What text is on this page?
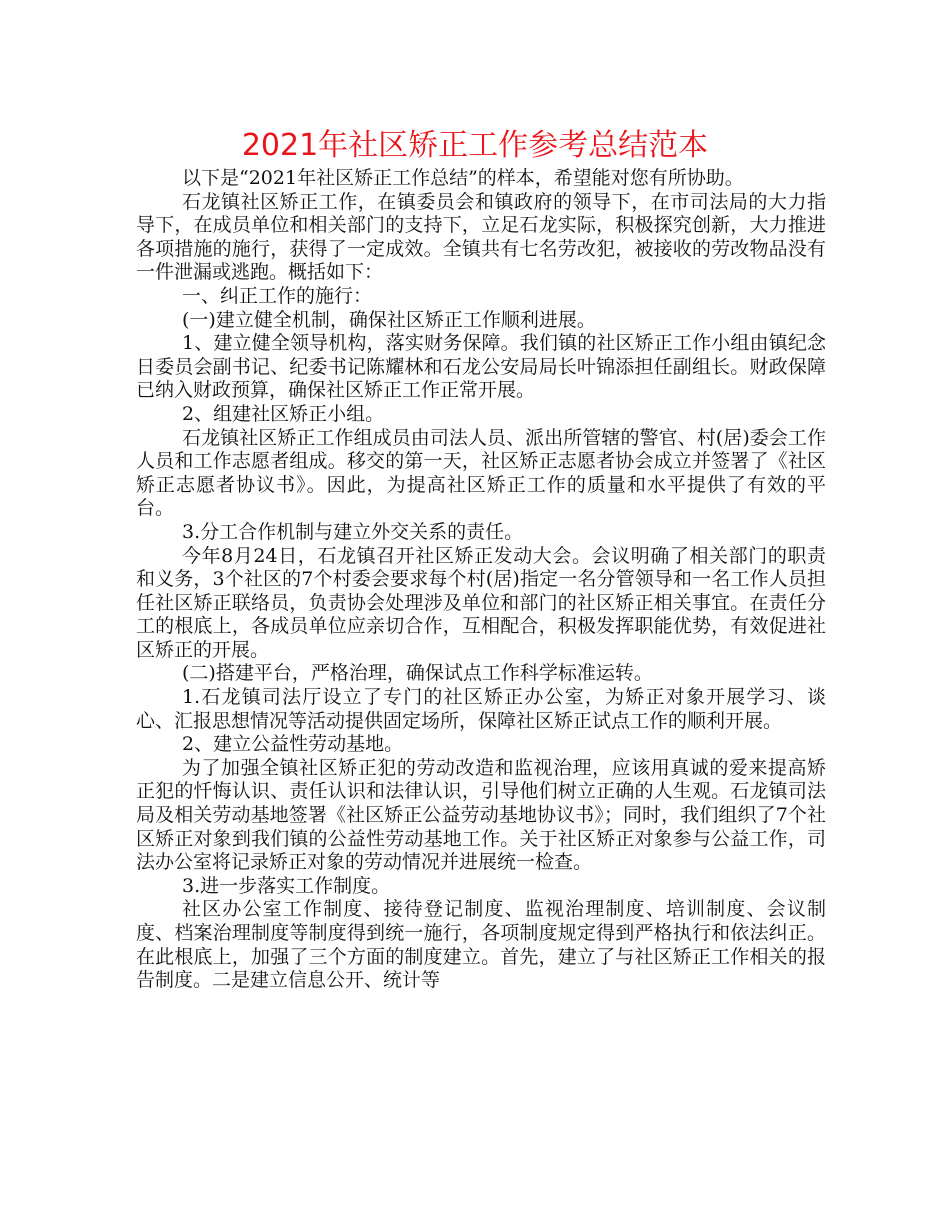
2021年社区矫正工作参考总结范本

以下是“2021年社区矫正工作总结”的样本，希望能对您有所协助。

石龙镇社区矫正工作，在镇委员会和镇政府的领导下，在市司法局的大力指导下，在成员单位和相关部门的支持下，立足石龙实际，积极探究创新，大力推进各项措施的施行，获得了一定成效。全镇共有七名劳改犯，被接收的劳改物品没有一件泄漏或逃跑。概括如下：

一、纠正工作的施行：

(一)建立健全机制，确保社区矫正工作顺利进展。

1、建立健全领导机构，落实财务保障。我们镇的社区矫正工作小组由镇纪念日委员会副书记、纪委书记陈耀林和石龙公安局局长叶锦添担任副组长。财政保障已纳入财政预算，确保社区矫正工作正常开展。

2、组建社区矫正小组。

石龙镇社区矫正工作组成员由司法人员、派出所管辖的警官、村(居)委会工作人员和工作志愿者组成。移交的第一天，社区矫正志愿者协会成立并签署了《社区矫正志愿者协议书》。因此，为提高社区矫正工作的质量和水平提供了有效的平台。

3.分工合作机制与建立外交关系的责任。

今年8月24日，石龙镇召开社区矫正发动大会。会议明确了相关部门的职责和义务，3个社区的7个村委会要求每个村(居)指定一名分管领导和一名工作人员担任社区矫正联络员，负责协会处理涉及单位和部门的社区矫正相关事宜。在责任分工的根底上，各成员单位应亲切合作，互相配合，积极发挥职能优势，有效促进社区矫正的开展。

(二)搭建平台，严格治理，确保试点工作科学标准运转。

1.石龙镇司法厅设立了专门的社区矫正办公室，为矫正对象开展学习、谈心、汇报思想情况等活动提供固定场所，保障社区矫正试点工作的顺利开展。

2、建立公益性劳动基地。

为了加强全镇社区矫正犯的劳动改造和监视治理，应该用真诚的爱来提高矫正犯的忏悔认识、责任认识和法律认识，引导他们树立正确的人生观。石龙镇司法局及相关劳动基地签署《社区矫正公益劳动基地协议书》；同时，我们组织了7个社区矫正对象到我们镇的公益性劳动基地工作。关于社区矫正对象参与公益工作，司法办公室将记录矫正对象的劳动情况并进展统一检查。

3.进一步落实工作制度。

社区办公室工作制度、接待登记制度、监视治理制度、培训制度、会议制度、档案治理制度等制度得到统一施行，各项制度规定得到严格执行和依法纠正。在此根底上，加强了三个方面的制度建立。首先，建立了与社区矫正工作相关的报告制度。二是建立信息公开、统计等
